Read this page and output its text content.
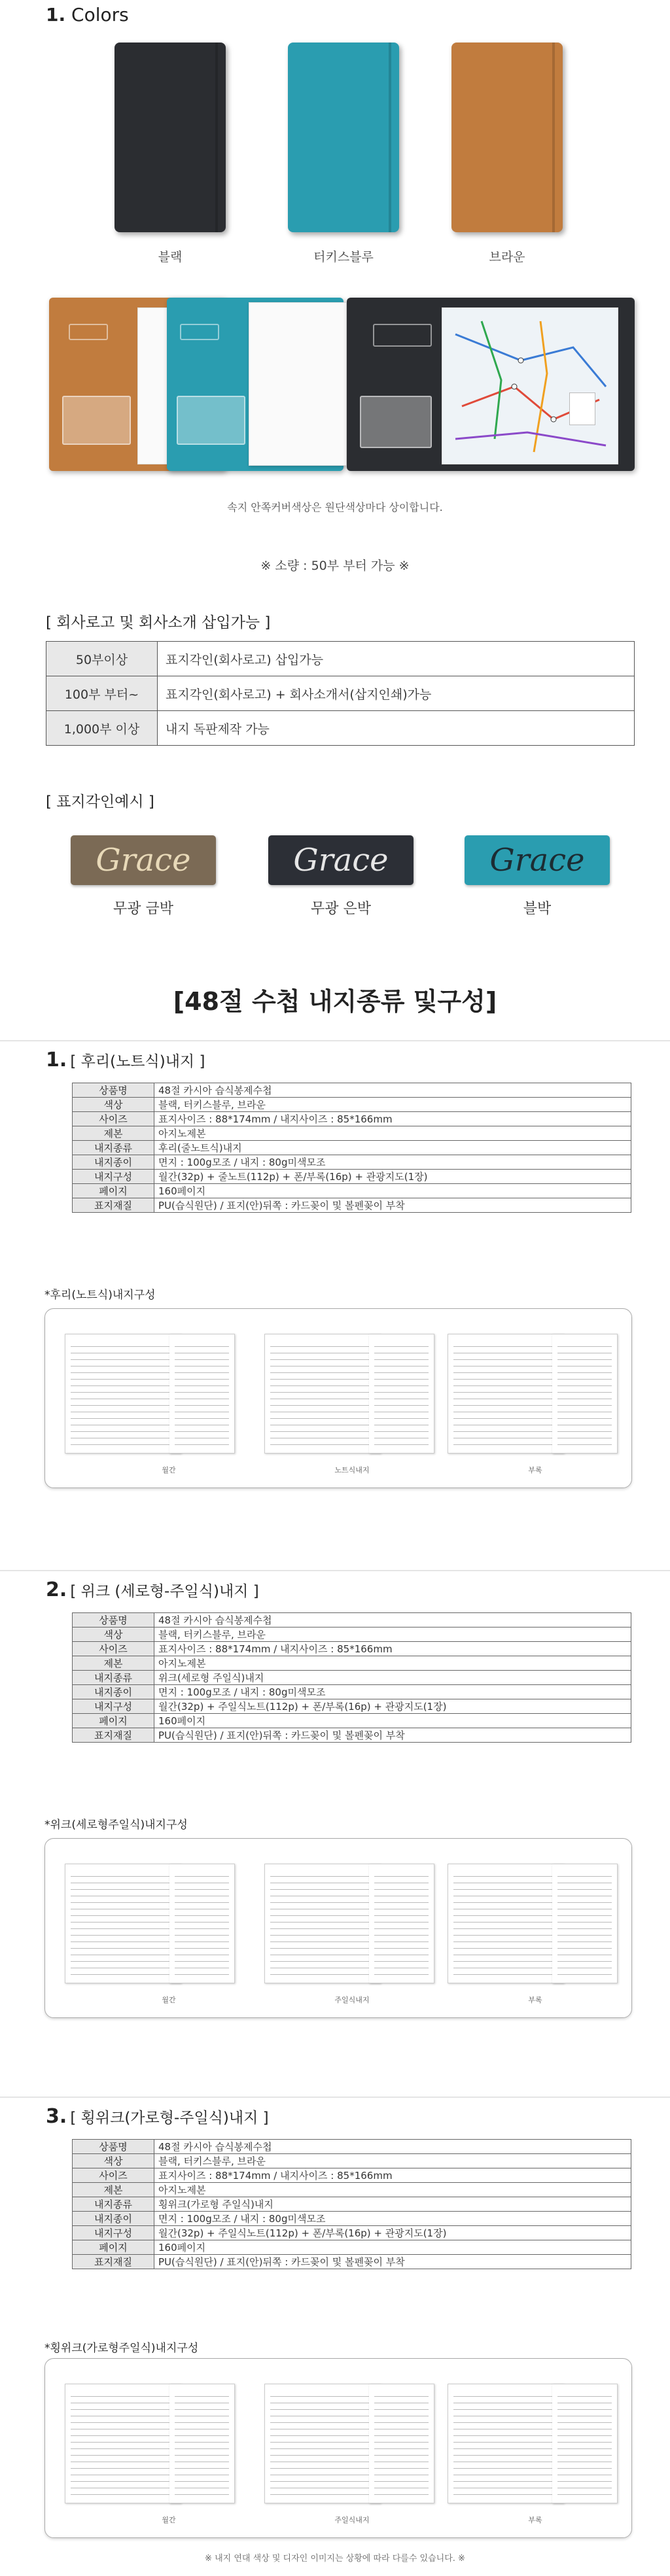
1. Colors
블랙	터키스블루	브라운
속지 안쪽커버색상은 원단색상마다 상이합니다.
※ 소량 : 50부 부터 가능 ※
[ 회사로고 및 회사소개 삽입가능 ]
50부이상	표지각인(회사로고) 삽입가능
100부 부터~	표지각인(회사로고) + 회사소개서(삽지인쇄)가능
1,000부 이상	내지 독판제작 가능
[ 표지각인예시 ]
Grace	Grace	Grace
무광 금박	무광 은박	블박
[48절 수첩 내지종류 및구성]
1. [ 후리(노트식)내지 ]
상품명	48절 카시아 습식봉제수첩
색상	블랙, 터키스블루, 브라운
사이즈	표지사이즈 : 88*174mm / 내지사이즈 : 85*166mm
제본	아지노제본
내지종류	후리(줄노트식)내지
내지종이	면지 : 100g모조 / 내지 : 80g미색모조
내지구성	월간(32p) + 줄노트(112p) + 폰/부록(16p) + 관광지도(1장)
페이지	160페이지
표지재질	PU(습식원단) / 표지(안)뒤쪽 : 카드꽂이 및 볼펜꽂이 부착
*후리(노트식)내지구성
월간	노트식내지	부록
2. [ 위크 (세로형-주일식)내지 ]
상품명	48절 카시아 습식봉제수첩
색상	블랙, 터키스블루, 브라운
사이즈	표지사이즈 : 88*174mm / 내지사이즈 : 85*166mm
제본	아지노제본
내지종류	위크(세로형 주일식)내지
내지종이	면지 : 100g모조 / 내지 : 80g미색모조
내지구성	월간(32p) + 주일식노트(112p) + 폰/부록(16p) + 관광지도(1장)
페이지	160페이지
표지재질	PU(습식원단) / 표지(안)뒤쪽 : 카드꽂이 및 볼펜꽂이 부착
*위크(세로형주일식)내지구성
월간	주일식내지	부록
3. [ 횡위크(가로형-주일식)내지 ]
상품명	48절 카시아 습식봉제수첩
색상	블랙, 터키스블루, 브라운
사이즈	표지사이즈 : 88*174mm / 내지사이즈 : 85*166mm
제본	아지노제본
내지종류	횡위크(가로형 주일식)내지
내지종이	면지 : 100g모조 / 내지 : 80g미색모조
내지구성	월간(32p) + 주일식노트(112p) + 폰/부록(16p) + 관광지도(1장)
페이지	160페이지
표지재질	PU(습식원단) / 표지(안)뒤쪽 : 카드꽂이 및 볼펜꽂이 부착
*횡위크(가로형주일식)내지구성
월간	주일식내지	부록
※ 내지 연대 색상 및 디자인 이미지는 상황에 따라 다를수 있습니다. ※
